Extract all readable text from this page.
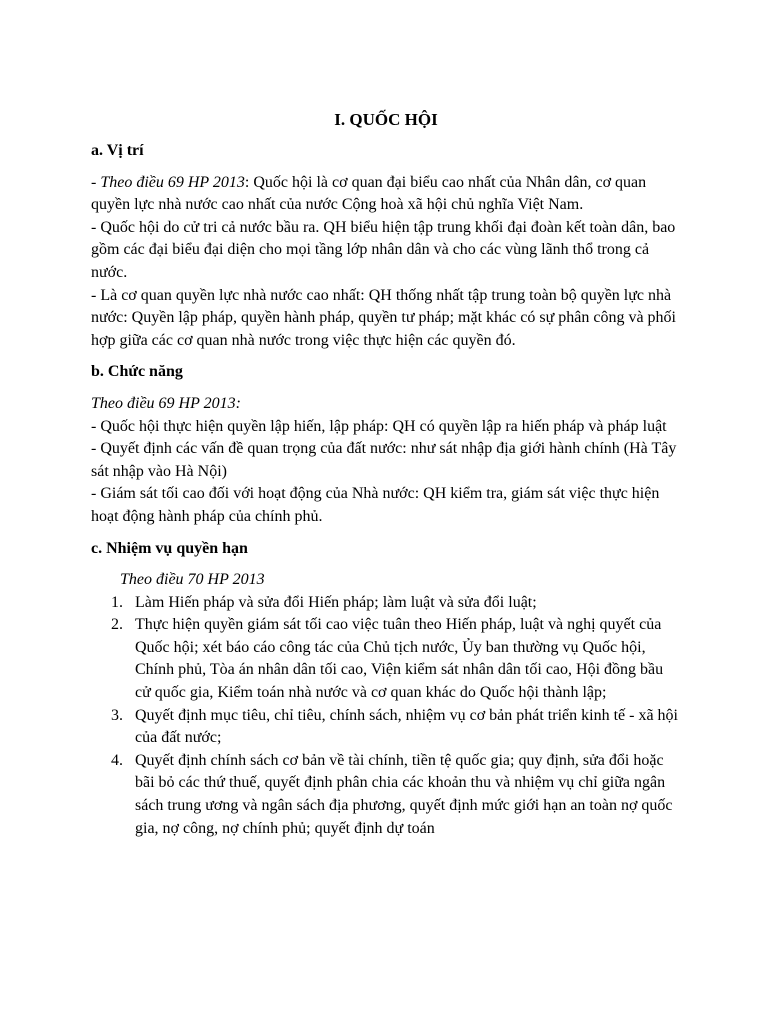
I. QUỐC HỘI
a. Vị trí

- Theo điều 69 HP 2013: Quốc hội là cơ quan đại biểu cao nhất của Nhân dân, cơ quan quyền lực nhà nước cao nhất của nước Cộng hoà xã hội chủ nghĩa Việt Nam.

- Quốc hội do cử tri cả nước bầu ra. QH biểu hiện tập trung khối đại đoàn kết toàn dân, bao gồm các đại biểu đại diện cho mọi tầng lớp nhân dân và cho các vùng lãnh thổ trong cả nước.

- Là cơ quan quyền lực nhà nước cao nhất: QH thống nhất tập trung toàn bộ quyền lực nhà nước: Quyền lập pháp, quyền hành pháp, quyền tư pháp; mặt khác có sự phân công và phối hợp giữa các cơ quan nhà nước trong việc thực hiện các quyền đó.

b. Chức năng

Theo điều 69 HP 2013:

- Quốc hội thực hiện quyền lập hiến, lập pháp: QH có quyền lập ra hiến pháp và pháp luật

- Quyết định các vấn đề quan trọng của đất nước: như sát nhập địa giới hành chính (Hà Tây sát nhập vào Hà Nội)

- Giám sát tối cao đối với hoạt động của Nhà nước: QH kiểm tra, giám sát việc thực hiện hoạt động hành pháp của chính phủ.

c. Nhiệm vụ quyền hạn

Theo điều 70 HP 2013

1. Làm Hiến pháp và sửa đổi Hiến pháp; làm luật và sửa đổi luật;
2. Thực hiện quyền giám sát tối cao việc tuân theo Hiến pháp, luật và nghị quyết của Quốc hội; xét báo cáo công tác của Chủ tịch nước, Ủy ban thường vụ Quốc hội, Chính phủ, Tòa án nhân dân tối cao, Viện kiểm sát nhân dân tối cao, Hội đồng bầu cử quốc gia, Kiểm toán nhà nước và cơ quan khác do Quốc hội thành lập;
3. Quyết định mục tiêu, chỉ tiêu, chính sách, nhiệm vụ cơ bản phát triển kinh tế - xã hội của đất nước;
4. Quyết định chính sách cơ bản về tài chính, tiền tệ quốc gia; quy định, sửa đổi hoặc bãi bỏ các thứ thuế, quyết định phân chia các khoản thu và nhiệm vụ chỉ giữa ngân sách trung ương và ngân sách địa phương, quyết định mức giới hạn an toàn nợ quốc gia, nợ công, nợ chính phủ; quyết định dự toán
